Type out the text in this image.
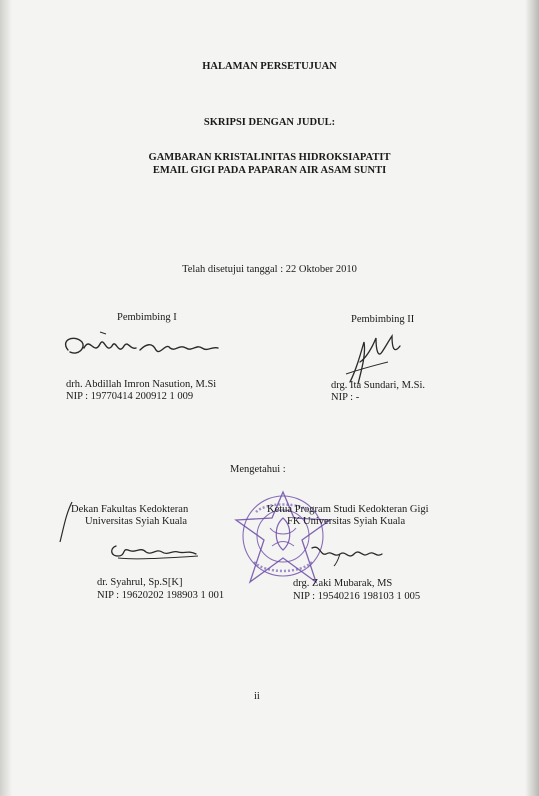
HALAMAN PERSETUJUAN
SKRIPSI DENGAN JUDUL:
GAMBARAN KRISTALINITAS HIDROKSIAPATIT
EMAIL GIGI PADA PAPARAN AIR ASAM SUNTI
Telah disetujui tanggal : 22 Oktober 2010
Pembimbing I	Pembimbing II
drh. Abdillah Imron Nasution, M.Si
NIP : 19770414 200912 1 009
drg. Ita Sundari, M.Si.
NIP : -
Mengetahui :
Dekan Fakultas Kedokteran
Universitas Syiah Kuala
Ketua Program Studi Kedokteran Gigi
FK Universitas Syiah Kuala
dr. Syahrul, Sp.S[K]
NIP : 19620202 198903 1 001
drg. Zaki Mubarak, MS
NIP : 19540216 198103 1 005
ii
